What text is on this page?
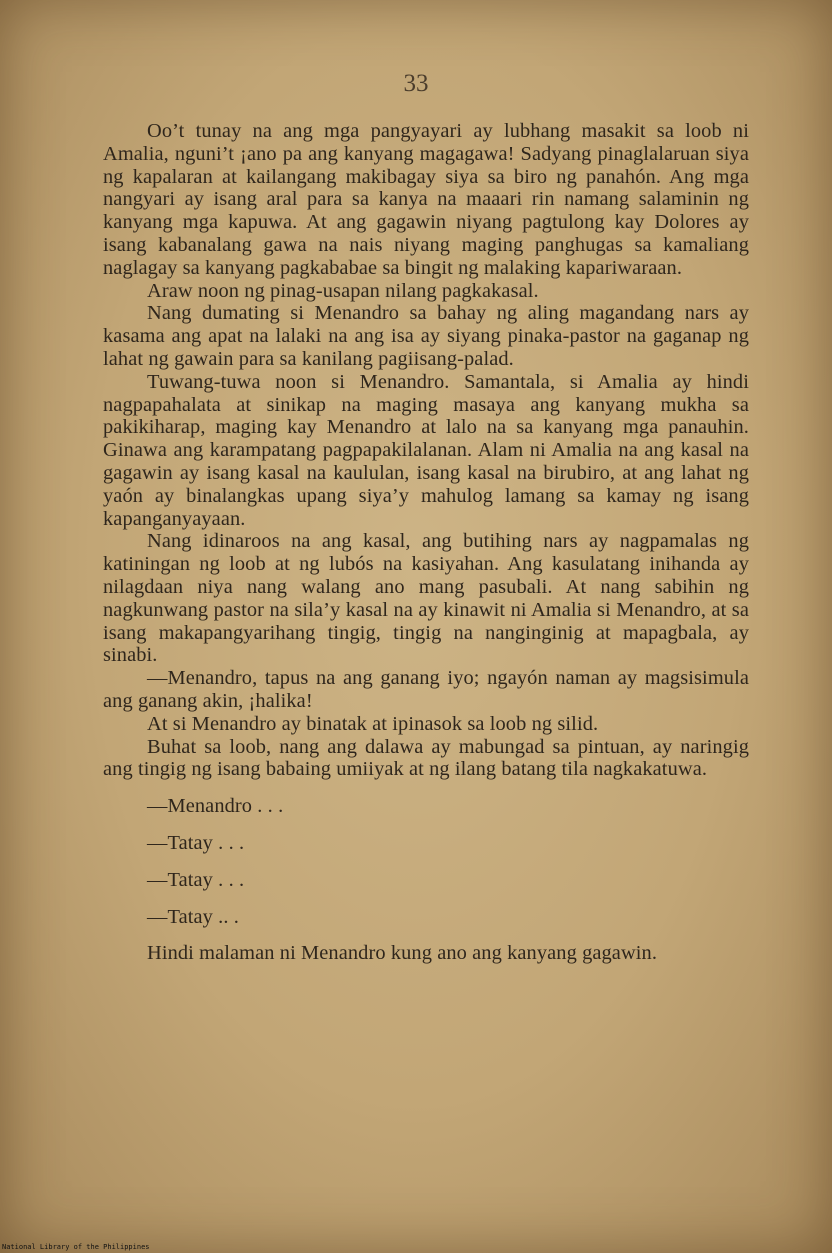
33

Oo’t tunay na ang mga pangyayari ay lubhang masakit sa loob ni Amalia, nguni’t ¡ano pa ang kanyang magagawa! Sadyang pinaglalaruan siya ng kapalaran at kailangang makibagay siya sa biro ng panahón. Ang mga nangyari ay isang aral para sa kanya na maaari rin namang salaminin ng kanyang mga kapuwa. At ang gagawin niyang pagtulong kay Dolores ay isang kabanalang gawa na nais niyang maging panghugas sa kamaliang naglagay sa kanyang pagkababae sa bingit ng malaking kapariwaraan.

Araw noon ng pinag-usapan nilang pagkakasal.

Nang dumating si Menandro sa bahay ng aling magandang nars ay kasama ang apat na lalaki na ang isa ay siyang pinaka-pastor na gaganap ng lahat ng gawain para sa kanilang pagiisang-palad.

Tuwang-tuwa noon si Menandro. Samantala, si Amalia ay hindi nagpapahalata at sinikap na maging masaya ang kanyang mukha sa pakikiharap, maging kay Menandro at lalo na sa kanyang mga panauhin. Ginawa ang karampatang pagpapakilalanan. Alam ni Amalia na ang kasal na gagawin ay isang kasal na kaululan, isang kasal na birubiro, at ang lahat ng yaón ay binalangkas upang siya’y mahulog lamang sa kamay ng isang kapanganyayaan.

Nang idinaroos na ang kasal, ang butihing nars ay nagpamalas ng katiningan ng loob at ng lubós na kasiyahan. Ang kasulatang inihanda ay nilagdaan niya nang walang ano mang pasubali. At nang sabihin ng nagkunwang pastor na sila’y kasal na ay kinawit ni Amalia si Menandro, at sa isang makapangyarihang tingig, tingig na nanginginig at mapagbala, ay sinabi.

—Menandro, tapus na ang ganang iyo; ngayón naman ay magsisimula ang ganang akin, ¡halika!

At si Menandro ay binatak at ipinasok sa loob ng silid.

Buhat sa loob, nang ang dalawa ay mabungad sa pintuan, ay naringig ang tingig ng isang babaing umiiyak at ng ilang batang tila nagkakatuwa.

—Menandro . . .

—Tatay . . .

—Tatay . . .

—Tatay .. .

Hindi malaman ni Menandro kung ano ang kanyang gagawin.

National Library of the Philippines
